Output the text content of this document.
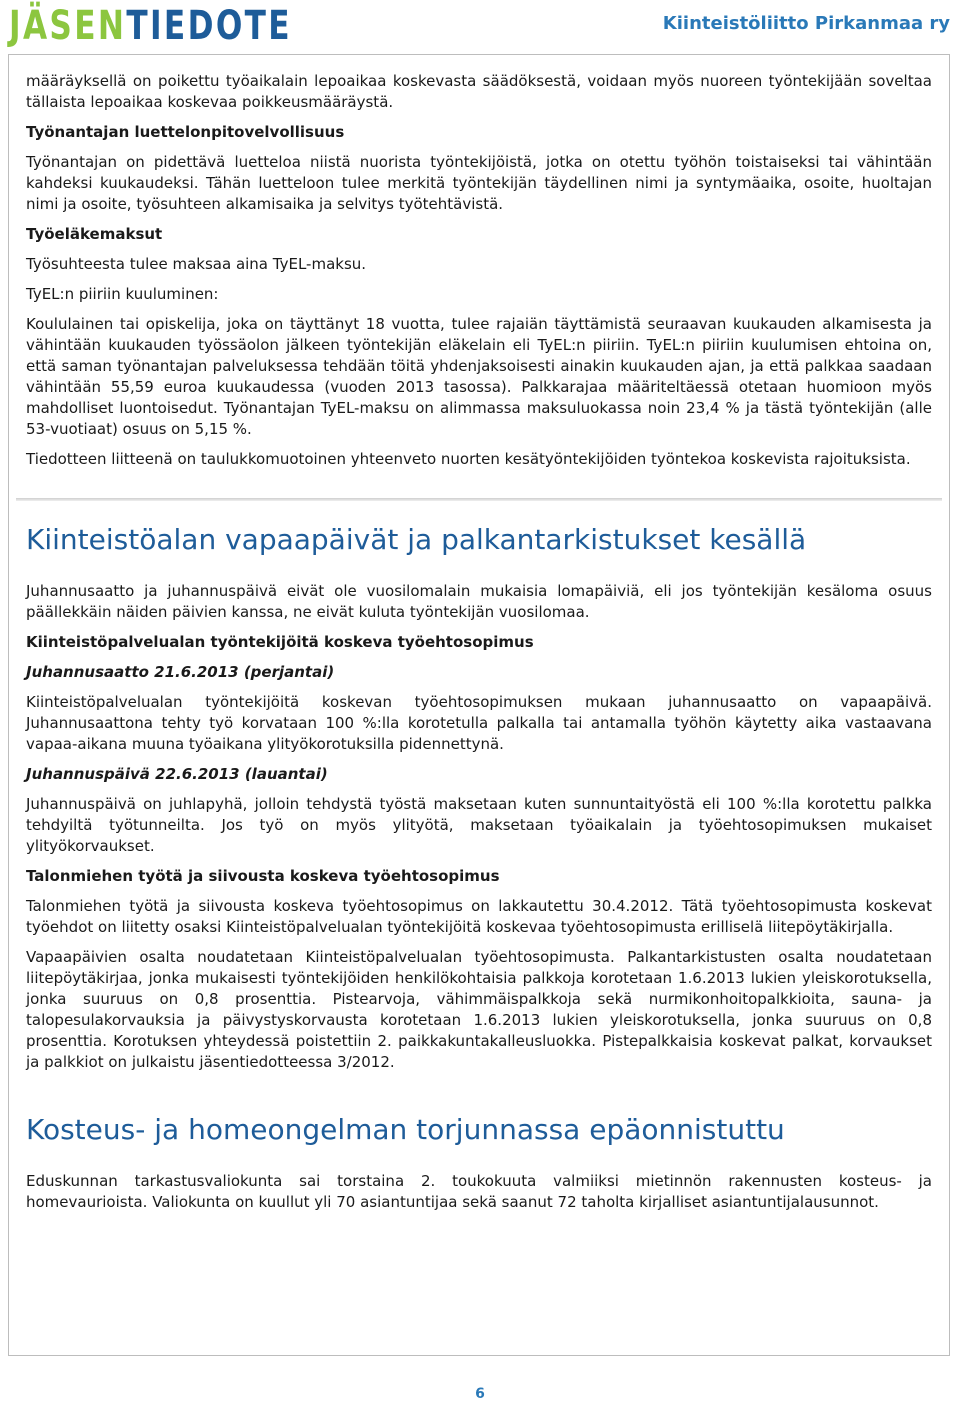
JÄSENTIEDOTE	Kiinteistöliitto Pirkanmaa ry

määräyksellä on poikettu työaikalain lepoaikaa koskevasta säädöksestä, voidaan myös nuoreen työntekijään soveltaa tällaista lepoaikaa koskevaa poikkeusmääräystä.

Työnantajan luettelonpitovelvollisuus

Työnantajan on pidettävä luetteloa niistä nuorista työntekijöistä, jotka on otettu työhön toistaiseksi tai vähintään kahdeksi kuukaudeksi. Tähän luetteloon tulee merkitä työntekijän täydellinen nimi ja syntymäaika, osoite, huoltajan nimi ja osoite, työsuhteen alkamisaika ja selvitys työtehtävistä.

Työeläkemaksut

Työsuhteesta tulee maksaa aina TyEL-maksu.

TyEL:n piiriin kuuluminen:

Koululainen tai opiskelija, joka on täyttänyt 18 vuotta, tulee rajaiän täyttämistä seuraavan kuukauden alkamisesta ja vähintään kuukauden työssäolon jälkeen työntekijän eläkelain eli TyEL:n piiriin. TyEL:n piiriin kuulumisen ehtoina on, että saman työnantajan palveluksessa tehdään töitä yhdenjaksoisesti ainakin kuukauden ajan, ja että palkkaa saadaan vähintään 55,59 euroa kuukaudessa (vuoden 2013 tasossa). Palkkarajaa määriteltäessä otetaan huomioon myös mahdolliset luontoisedut. Työnantajan TyEL-maksu on alimmassa maksuluokassa noin 23,4 % ja tästä työntekijän (alle 53-vuotiaat) osuus on 5,15 %.

Tiedotteen liitteenä on taulukkomuotoinen yhteenveto nuorten kesätyöntekijöiden työntekoa koskevista rajoituksista.

Kiinteistöalan vapaapäivät ja palkantarkistukset kesällä

Juhannusaatto ja juhannuspäivä eivät ole vuosilomalain mukaisia lomapäiviä, eli jos työntekijän kesäloma osuus päällekkäin näiden päivien kanssa, ne eivät kuluta työntekijän vuosilomaa.

Kiinteistöpalvelualan työntekijöitä koskeva työehtosopimus

Juhannusaatto 21.6.2013 (perjantai)

Kiinteistöpalvelualan työntekijöitä koskevan työehtosopimuksen mukaan juhannusaatto on vapaapäivä. Juhannusaattona tehty työ korvataan 100 %:lla korotetulla palkalla tai antamalla työhön käytetty aika vastaavana vapaa-aikana muuna työaikana ylityökorotuksilla pidennettynä.

Juhannuspäivä 22.6.2013 (lauantai)

Juhannuspäivä on juhlapyhä, jolloin tehdystä työstä maksetaan kuten sunnuntaityöstä eli 100 %:lla korotettu palkka tehdyiltä työtunneilta. Jos työ on myös ylityötä, maksetaan työaikalain ja työehtosopimuksen mukaiset ylityökorvaukset.

Talonmiehen työtä ja siivousta koskeva työehtosopimus

Talonmiehen työtä ja siivousta koskeva työehtosopimus on lakkautettu 30.4.2012. Tätä työehtosopimusta koskevat työehdot on liitetty osaksi Kiinteistöpalvelualan työntekijöitä koskevaa työehtosopimusta erilliselä liitepöytäkirjalla.

Vapaapäivien osalta noudatetaan Kiinteistöpalvelualan työehtosopimusta. Palkantarkistusten osalta noudatetaan liitepöytäkirjaa, jonka mukaisesti työntekijöiden henkilökohtaisia palkkoja korotetaan 1.6.2013 lukien yleiskorotuksella, jonka suuruus on 0,8 prosenttia. Pistearvoja, vähimmäispalkkoja sekä nurmikonhoitopalkkioita, sauna- ja talopesulakorvauksia ja päivystyskorvausta korotetaan 1.6.2013 lukien yleiskorotuksella, jonka suuruus on 0,8 prosenttia. Korotuksen yhteydessä poistettiin 2. paikkakuntakalleusluokka. Pistepalkkaisia koskevat palkat, korvaukset ja palkkiot on julkaistu jäsentiedotteessa 3/2012.

Kosteus- ja homeongelman torjunnassa epäonnistuttu

Eduskunnan tarkastusvaliokunta sai torstaina 2. toukokuuta valmiiksi mietinnön rakennusten kosteus- ja homevaurioista. Valiokunta on kuullut yli 70 asiantuntijaa sekä saanut 72 taholta kirjalliset asiantuntijalausunnot.

6
